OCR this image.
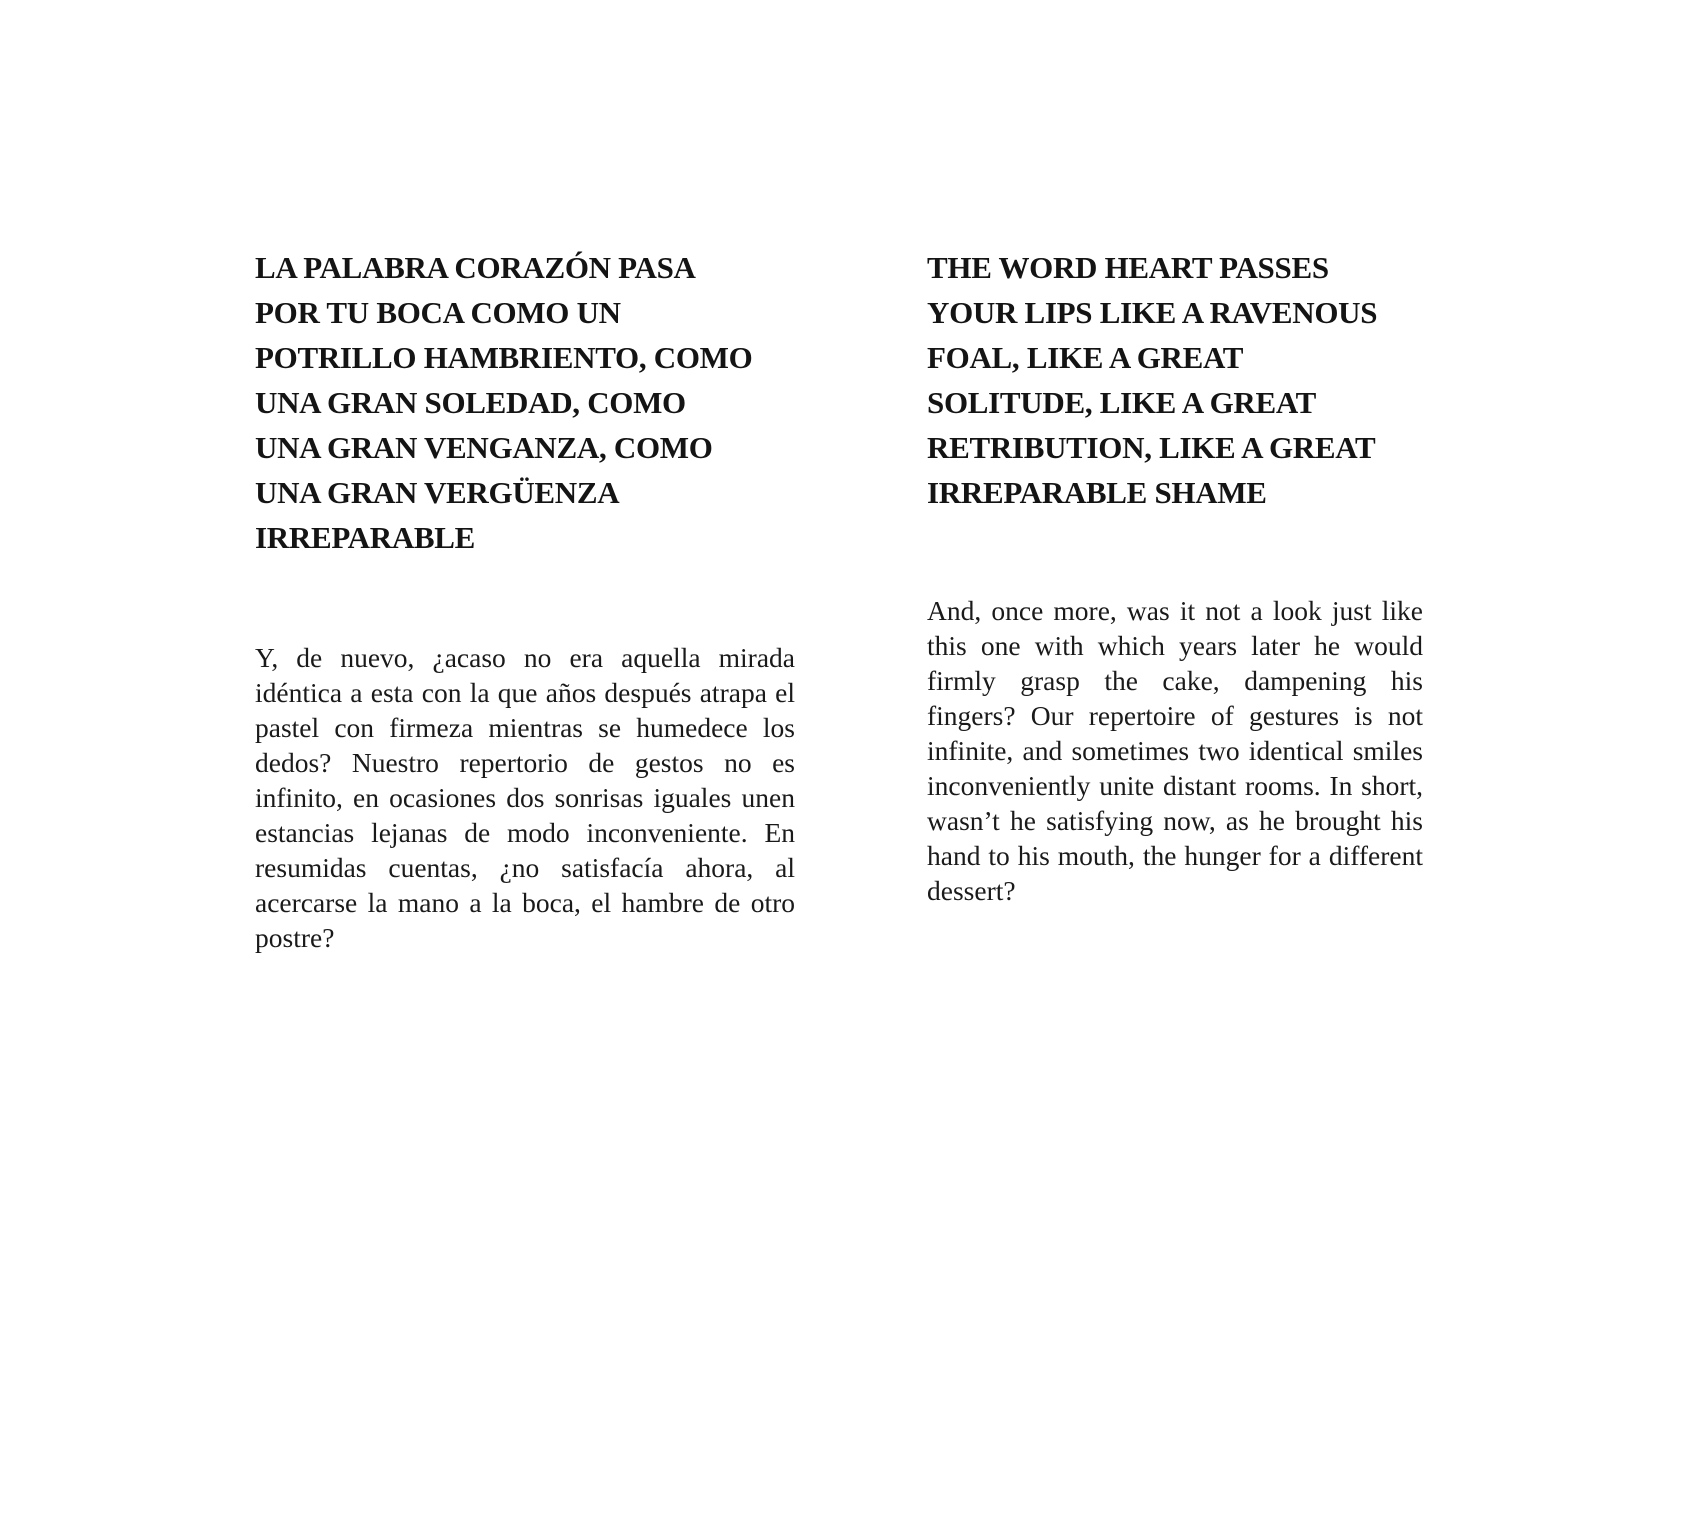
LA PALABRA CORAZÓN PASA
POR TU BOCA COMO UN
POTRILLO HAMBRIENTO, COMO
UNA GRAN SOLEDAD, COMO
UNA GRAN VENGANZA, COMO
UNA GRAN VERGÜENZA
IRREPARABLE

Y, de nuevo, ¿acaso no era aquella mirada idéntica a esta con la que años después atrapa el pastel con firmeza mientras se humedece los dedos? Nuestro repertorio de gestos no es infinito, en ocasiones dos sonrisas iguales unen estancias lejanas de modo inconveniente. En resumidas cuentas, ¿no satisfacía ahora, al acercarse la mano a la boca, el hambre de otro postre?

THE WORD HEART PASSES
YOUR LIPS LIKE A RAVENOUS
FOAL, LIKE A GREAT
SOLITUDE, LIKE A GREAT
RETRIBUTION, LIKE A GREAT
IRREPARABLE SHAME

And, once more, was it not a look just like this one with which years later he would firmly grasp the cake, dampening his fingers? Our repertoire of gestures is not infinite, and sometimes two identical smiles inconveniently unite distant rooms. In short, wasn’t he satisfying now, as he brought his hand to his mouth, the hunger for a different dessert?
